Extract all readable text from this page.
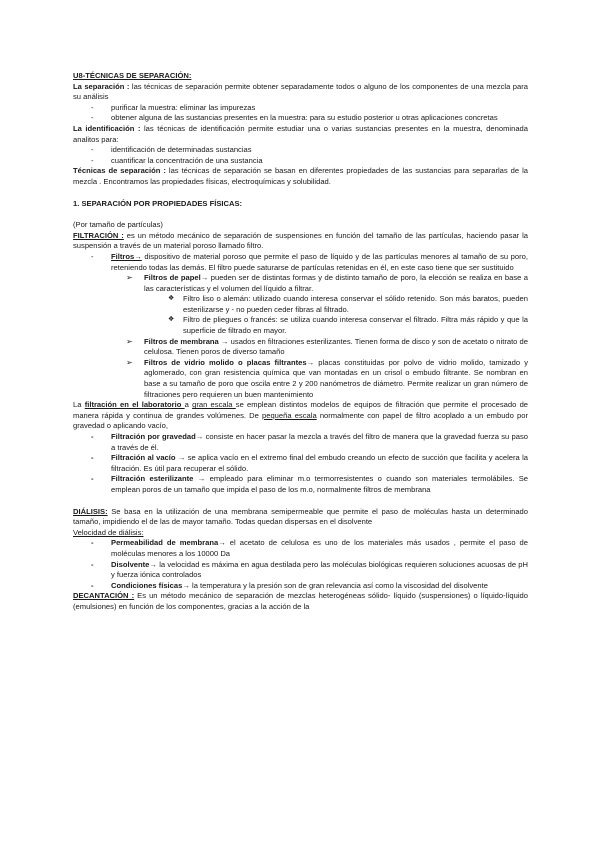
U8-TÉCNICAS DE SEPARACIÓN:

La separación : las técnicas de separación permite obtener separadamente todos o alguno de los componentes de una mezcla para su análisis

-	purificar la muestra: eliminar las impurezas
-	obtener alguna de las sustancias presentes en la muestra: para su estudio posterior u otras aplicaciones concretas

La identificación : las técnicas de identificación permite estudiar una o varias sustancias presentes en la muestra, denominada analitos para:

-	identificación de determinadas sustancias
-	cuantificar la concentración de una sustancia

Técnicas de separación : las técnicas de separación se basan en diferentes propiedades de las sustancias para separarlas de la mezcla . Encontramos las propiedades físicas, electroquímicas y solubilidad.

1. SEPARACIÓN POR PROPIEDADES FÍSICAS:

(Por tamaño de partículas)

FILTRACIÓN : es un método mecánico de separación de suspensiones en función del tamaño de las partículas, haciendo pasar la suspensión a través de un material poroso llamado filtro.

-	Filtros→ dispositivo de material poroso que permite el paso de líquido y de las partículas menores al tamaño de su poro, reteniendo todas las demás. El filtro puede saturarse de partículas retenidas en él, en este caso tiene que ser sustituido
➢	Filtros de papel→ pueden ser de distintas formas y de distinto tamaño de poro, la elección se realiza en base a las características y el volumen del líquido a filtrar.
❖	Filtro liso o alemán: utilizado cuando interesa conservar el sólido retenido. Son más baratos, pueden esterilizarse y - no pueden ceder fibras al filtrado.
❖	Filtro de pliegues o francés: se utiliza cuando interesa conservar el filtrado. Filtra más rápido y que la superficie de filtrado en mayor.
➢	Filtros de membrana → usados en filtraciones esterilizantes. Tienen forma de disco y son de acetato o nitrato de celulosa. Tienen poros de diverso tamaño
➢	Filtros de vidrio molido o placas filtrantes→ placas constituidas por polvo de vidrio molido, tamizado y aglomerado, con gran resistencia química que van montadas en un crisol o embudo filtrante. Se nombran en base a su tamaño de poro que oscila entre 2 y 200 nanómetros de diámetro. Permite realizar un gran número de filtraciones pero requieren un buen mantenimiento

La filtración en el laboratorio a gran escala se emplean distintos modelos de equipos de filtración que permite el procesado de manera rápida y continua de grandes volúmenes. De pequeña escala normalmente con papel de filtro acoplado a un embudo por gravedad o aplicando vacío,

-	Filtración por gravedad→ consiste en hacer pasar la mezcla a través del filtro de manera que la gravedad fuerza su paso a través de él.
-	Filtración al vacío → se aplica vacío en el extremo final del embudo creando un efecto de succión que facilita y acelera la filtración. Es útil para recuperar el sólido.
-	Filtración esterilizante → empleado para eliminar m.o termorresistentes o cuando son materiales termolábiles. Se emplean poros de un tamaño que impida el paso de los m.o, normalmente filtros de membrana

DIÁLISIS: Se basa en la utilización de una membrana semipermeable que permite el paso de moléculas hasta un determinado tamaño, impidiendo el de las de mayor tamaño. Todas quedan dispersas en el disolvente

Velocidad de diálisis:

-	Permeabilidad de membrana→ el acetato de celulosa es uno de los materiales más usados , permite el paso de moléculas menores a los 10000 Da
-	Disolvente→ la velocidad es máxima en agua destilada pero las moléculas biológicas requieren soluciones acuosas de pH y fuerza iónica controlados
-	Condiciones físicas→ la temperatura y la presión son de gran relevancia así como la viscosidad del disolvente

DECANTACIÓN : Es un método mecánico de separación de mezclas heterogéneas sólido- líquido (suspensiones) o líquido-líquido (emulsiones) en función de los componentes, gracias a la acción de la
